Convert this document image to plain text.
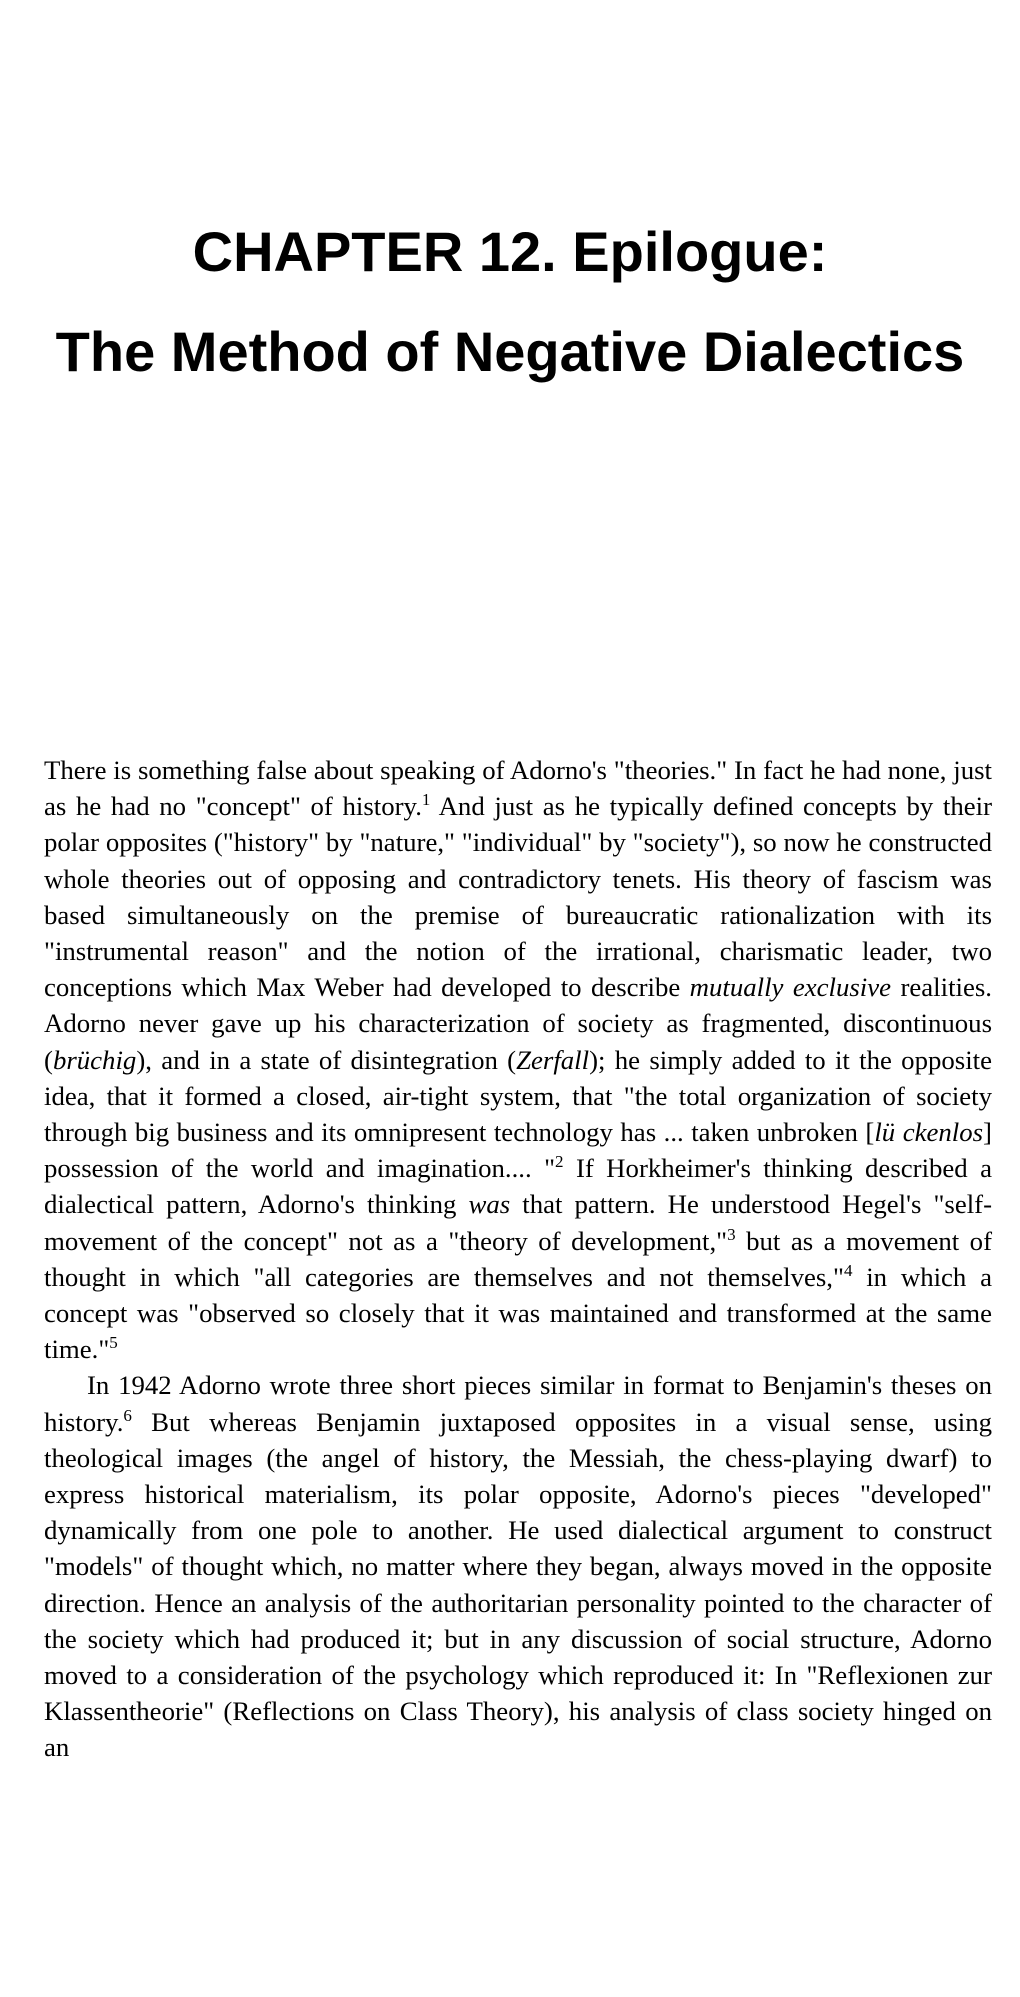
CHAPTER 12. Epilogue:
The Method of Negative Dialectics

There is something false about speaking of Adorno's "theories." In fact he had none, just as he had no "concept" of history.$^1$ And just as he typically defined concepts by their polar opposites ("history" by "nature," "individual" by "society"), so now he constructed whole theories out of opposing and contradictory tenets. His theory of fascism was based simultaneously on the premise of bureaucratic rationalization with its "instrumental reason" and the notion of the irrational, charismatic leader, two conceptions which Max Weber had developed to describe mutually exclusive realities. Adorno never gave up his characterization of society as fragmented, discontinuous (brüchig), and in a state of disintegration (Zerfall); he simply added to it the opposite idea, that it formed a closed, air-tight system, that "the total organization of society through big business and its omnipresent technology has ... taken unbroken [lü ckenlos] possession of the world and imagination.... "$^2$ If Horkheimer's thinking described a dialectical pattern, Adorno's thinking was that pattern. He understood Hegel's "self-movement of the concept" not as a "theory of development,"$^3$ but as a movement of thought in which "all categories are themselves and not themselves,"$^4$ in which a concept was "observed so closely that it was maintained and transformed at the same time."$^5$

In 1942 Adorno wrote three short pieces similar in format to Benjamin's theses on history.$^6$ But whereas Benjamin juxtaposed opposites in a visual sense, using theological images (the angel of history, the Messiah, the chess-playing dwarf) to express historical materialism, its polar opposite, Adorno's pieces "developed" dynamically from one pole to another. He used dialectical argument to construct "models" of thought which, no matter where they began, always moved in the opposite direction. Hence an analysis of the authoritarian personality pointed to the character of the society which had produced it; but in any discussion of social structure, Adorno moved to a consideration of the psychology which reproduced it: In "Reflexionen zur Klassentheorie" (Reflections on Class Theory), his analysis of class society hinged on an
